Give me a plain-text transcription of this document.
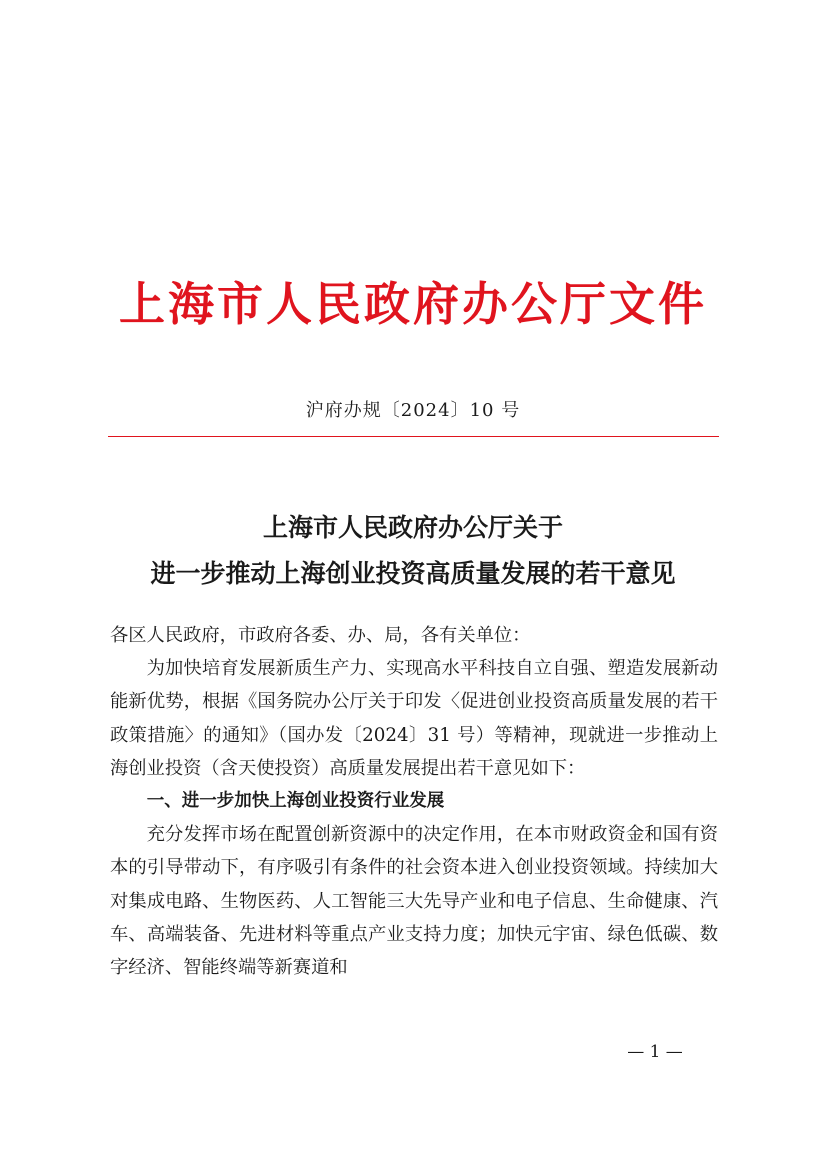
上海市人民政府办公厅文件
沪府办规〔2024〕10 号
上海市人民政府办公厅关于
进一步推动上海创业投资高质量发展的若干意见

各区人民政府，市政府各委、办、局，各有关单位：

为加快培育发展新质生产力、实现高水平科技自立自强、塑造发展新动能新优势，根据《国务院办公厅关于印发〈促进创业投资高质量发展的若干政策措施〉的通知》（国办发〔2024〕31 号）等精神，现就进一步推动上海创业投资（含天使投资）高质量发展提出若干意见如下：

一、进一步加快上海创业投资行业发展

充分发挥市场在配置创新资源中的决定作用，在本市财政资金和国有资本的引导带动下，有序吸引有条件的社会资本进入创业投资领域。持续加大对集成电路、生物医药、人工智能三大先导产业和电子信息、生命健康、汽车、高端装备、先进材料等重点产业支持力度；加快元宇宙、绿色低碳、数字经济、智能终端等新赛道和

— 1 —
